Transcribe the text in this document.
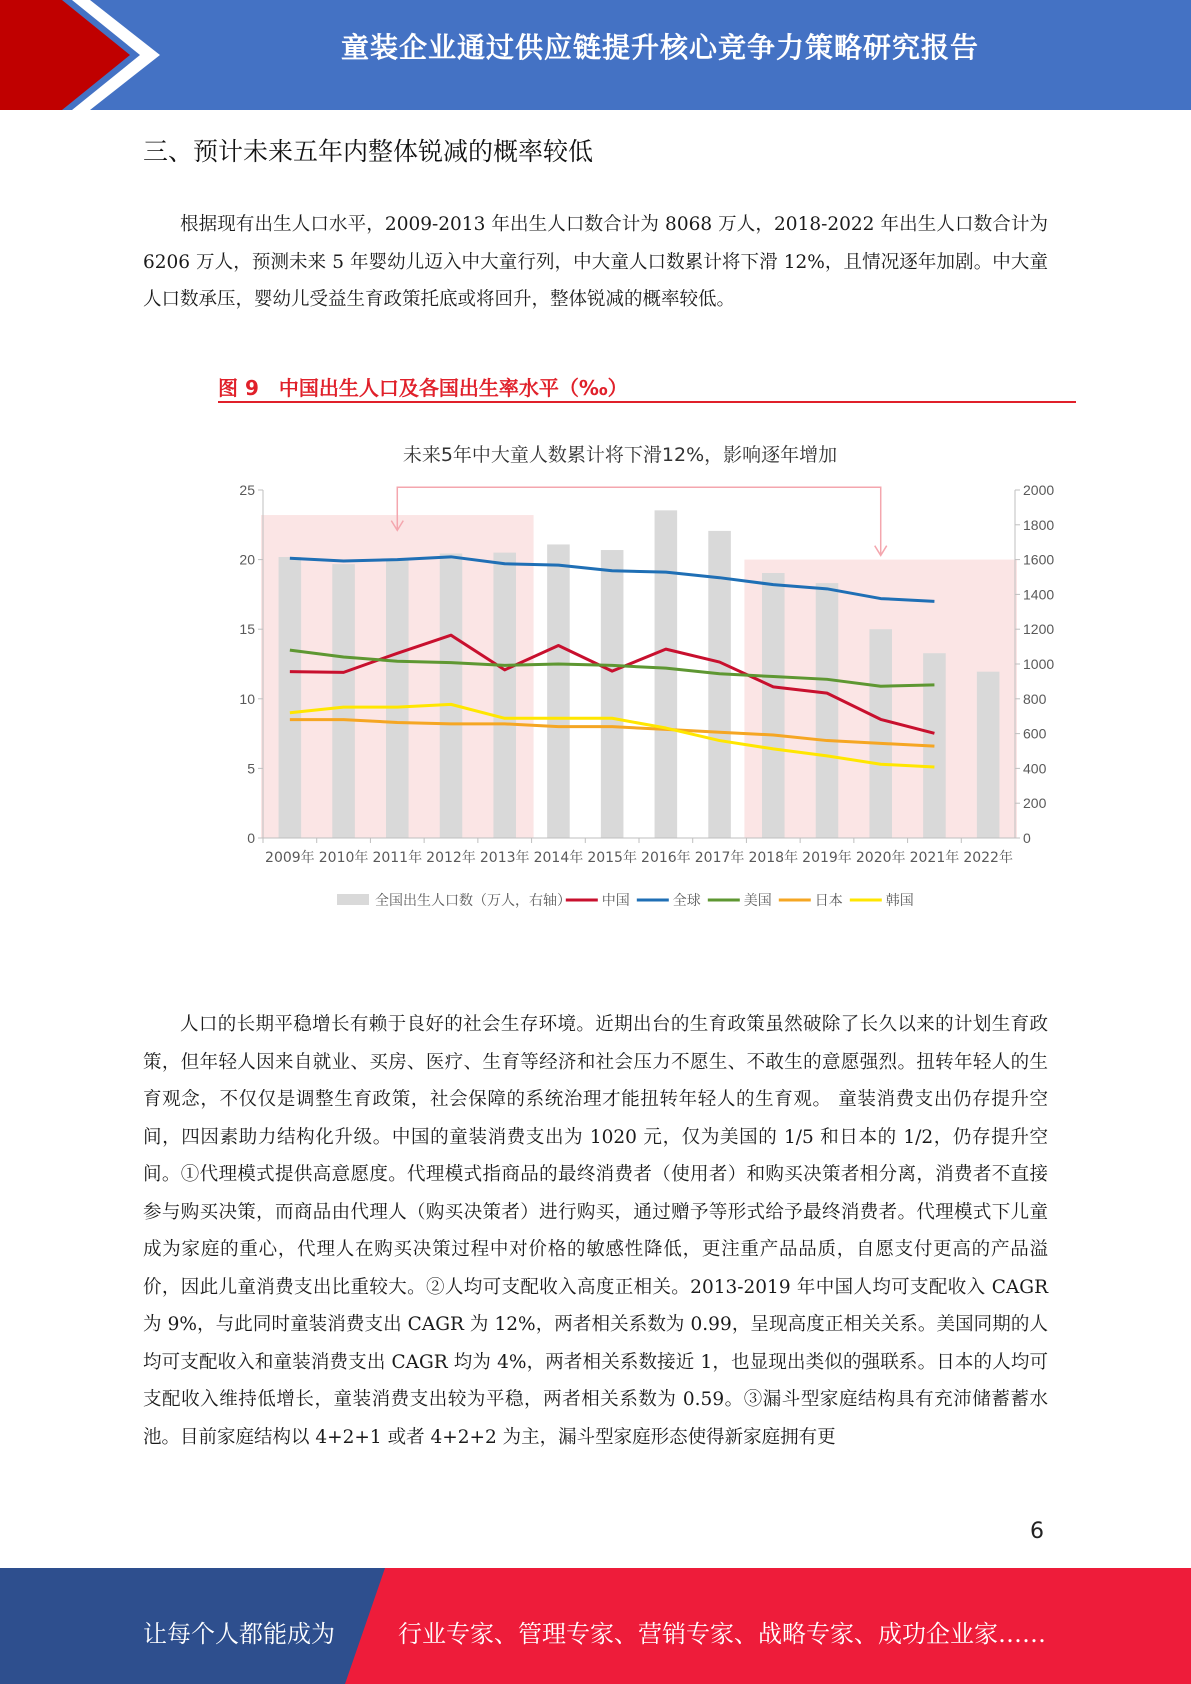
童装企业通过供应链提升核心竞争力策略研究报告
三、预计未来五年内整体锐减的概率较低

根据现有出生人口水平，2009-2013 年出生人口数合计为 8068 万人，2018-2022 年出生人口数合计为6206 万人，预测未来 5 年婴幼儿迈入中大童行列，中大童人口数累计将下滑 12%，且情况逐年加剧。中大童人口数承压，婴幼儿受益生育政策托底或将回升，整体锐减的概率较低。

图 9　中国出生人口及各国出生率水平（‰）
未来5年中大童人数累计将下滑12%，影响逐年增加
0
5
10
15
20
25
0
200
400
600
800
1000
1200
1400
1600
1800
2000
2009年 2010年 2011年 2012年 2013年 2014年 2015年 2016年 2017年 2018年 2019年 2020年 2021年 2022年
全国出生人口数（万人，右轴） 中国	全球	美国	日本	韩国

人口的长期平稳增长有赖于良好的社会生存环境。近期出台的生育政策虽然破除了长久以来的计划生育政策，但年轻人因来自就业、买房、医疗、生育等经济和社会压力不愿生、不敢生的意愿强烈。扭转年轻人的生育观念，不仅仅是调整生育政策，社会保障的系统治理才能扭转年轻人的生育观。 童装消费支出仍存提升空间，四因素助力结构化升级。中国的童装消费支出为 1020 元，仅为美国的 1/5 和日本的 1/2，仍存提升空间。①代理模式提供高意愿度。代理模式指商品的最终消费者（使用者）和购买决策者相分离，消费者不直接参与购买决策，而商品由代理人（购买决策者）进行购买，通过赠予等形式给予最终消费者。代理模式下儿童成为家庭的重心，代理人在购买决策过程中对价格的敏感性降低，更注重产品品质，自愿支付更高的产品溢价，因此儿童消费支出比重较大。②人均可支配收入高度正相关。2013-2019 年中国人均可支配收入 CAGR 为 9%，与此同时童装消费支出 CAGR 为 12%，两者相关系数为 0.99，呈现高度正相关关系。美国同期的人均可支配收入和童装消费支出 CAGR 均为 4%，两者相关系数接近 1，也显现出类似的强联系。日本的人均可支配收入维持低增长，童装消费支出较为平稳，两者相关系数为 0.59。③漏斗型家庭结构具有充沛储蓄蓄水池。目前家庭结构以 4+2+1 或者 4+2+2 为主，漏斗型家庭形态使得新家庭拥有更

6
让每个人都能成为	行业专家、管理专家、营销专家、战略专家、成功企业家……
